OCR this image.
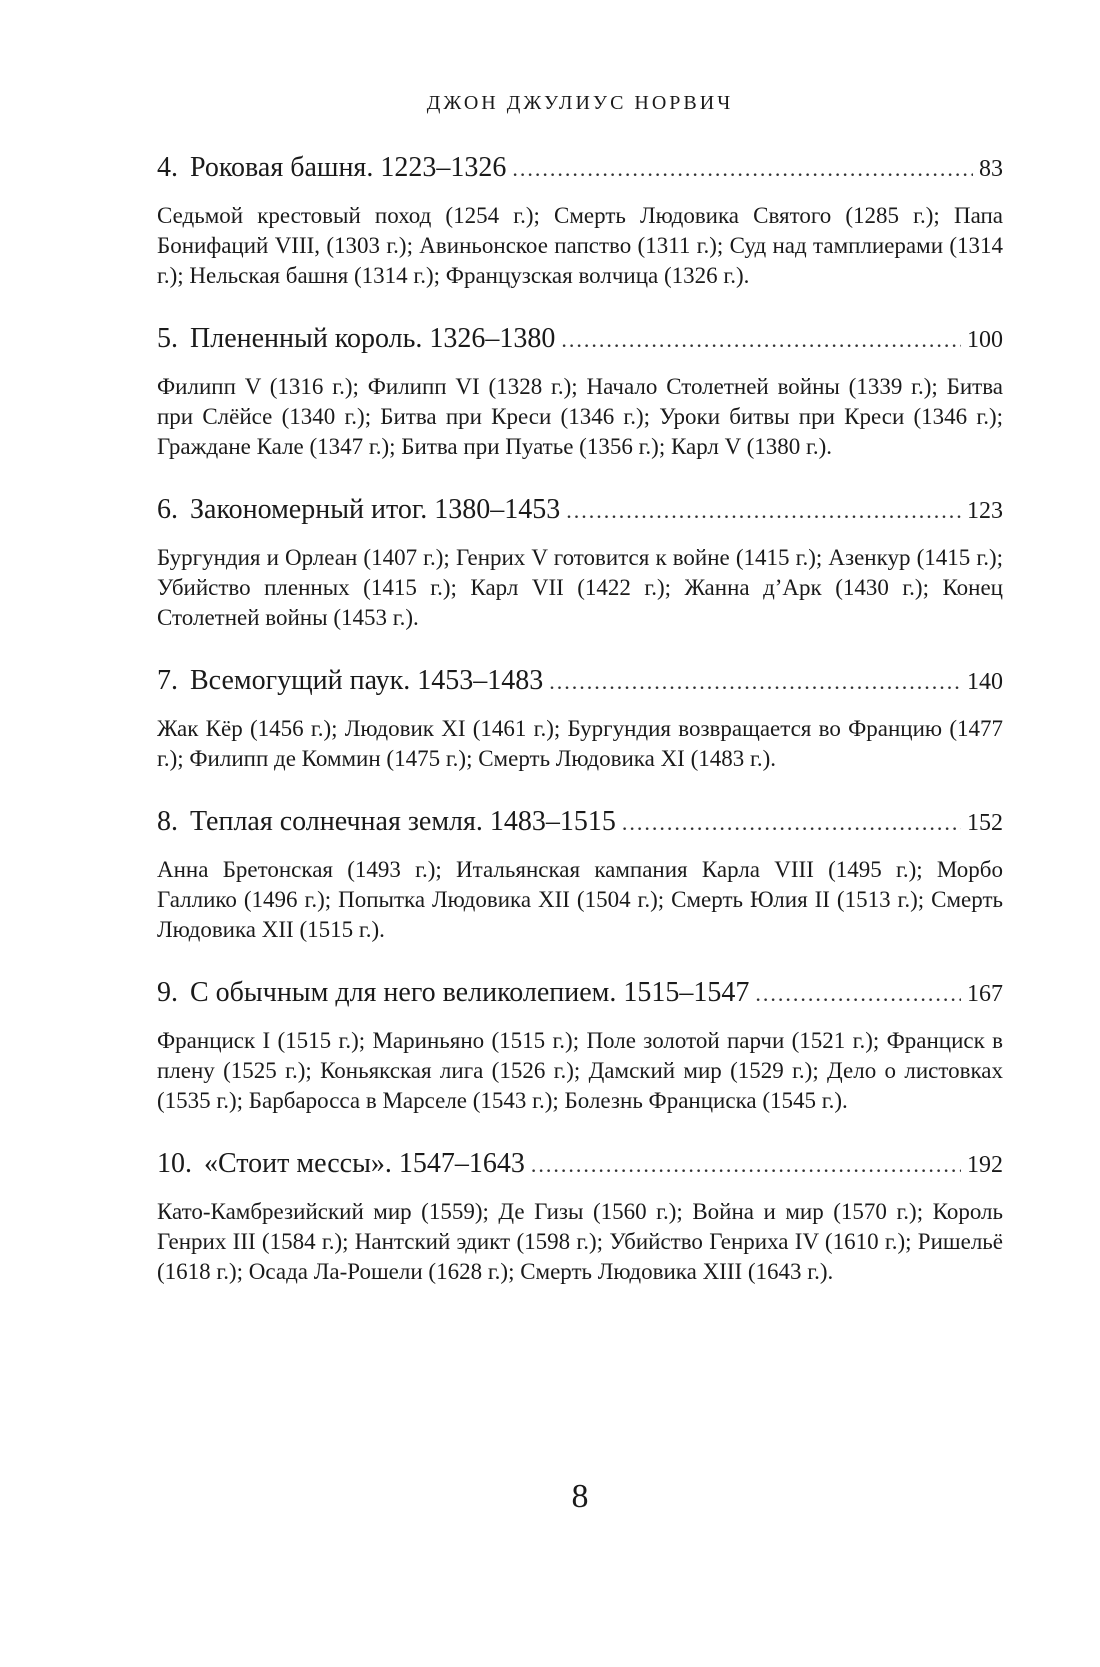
ДЖОН ДЖУЛИУС НОРВИЧ
4. Роковая башня. 1223–1326 .....	83
Седьмой крестовый поход (1254 г.); Смерть Людовика Святого (1285 г.); Папа Бонифаций VIII, (1303 г.); Авиньонское папство (1311 г.); Суд над тамплиерами (1314 г.); Нельская башня (1314 г.); Французская волчица (1326 г.).
5. Плененный король. 1326–1380 .....	100
Филипп V (1316 г.); Филипп VI (1328 г.); Начало Столетней войны (1339 г.); Битва при Слёйсе (1340 г.); Битва при Креси (1346 г.); Уроки битвы при Креси (1346 г.); Граждане Кале (1347 г.); Битва при Пуатье (1356 г.); Карл V (1380 г.).
6. Закономерный итог. 1380–1453 .....	123
Бургундия и Орлеан (1407 г.); Генрих V готовится к войне (1415 г.); Азенкур (1415 г.); Убийство пленных (1415 г.); Карл VII (1422 г.); Жанна д’Арк (1430 г.); Конец Столетней войны (1453 г.).
7. Всемогущий паук. 1453–1483 .....	140
Жак Кёр (1456 г.); Людовик XI (1461 г.); Бургундия возвращается во Францию (1477 г.); Филипп де Коммин (1475 г.); Смерть Людовика XI (1483 г.).
8. Теплая солнечная земля. 1483–1515 .....	152
Анна Бретонская (1493 г.); Итальянская кампания Карла VIII (1495 г.); Морбо Галлико (1496 г.); Попытка Людовика XII (1504 г.); Смерть Юлия II (1513 г.); Смерть Людовика XII (1515 г.).
9. С обычным для него великолепием. 1515–1547 .....	167
Франциск I (1515 г.); Мариньяно (1515 г.); Поле золотой парчи (1521 г.); Франциск в плену (1525 г.); Коньякская лига (1526 г.); Дамский мир (1529 г.); Дело о листовках (1535 г.); Барбаросса в Марселе (1543 г.); Болезнь Франциска (1545 г.).
10. «Стоит мессы». 1547–1643 .....	192
Като-Камбрезийский мир (1559); Де Гизы (1560 г.); Война и мир (1570 г.); Король Генрих III (1584 г.); Нантский эдикт (1598 г.); Убийство Генриха IV (1610 г.); Ришельё (1618 г.); Осада Ла-Рошели (1628 г.); Смерть Людовика XIII (1643 г.).
8
